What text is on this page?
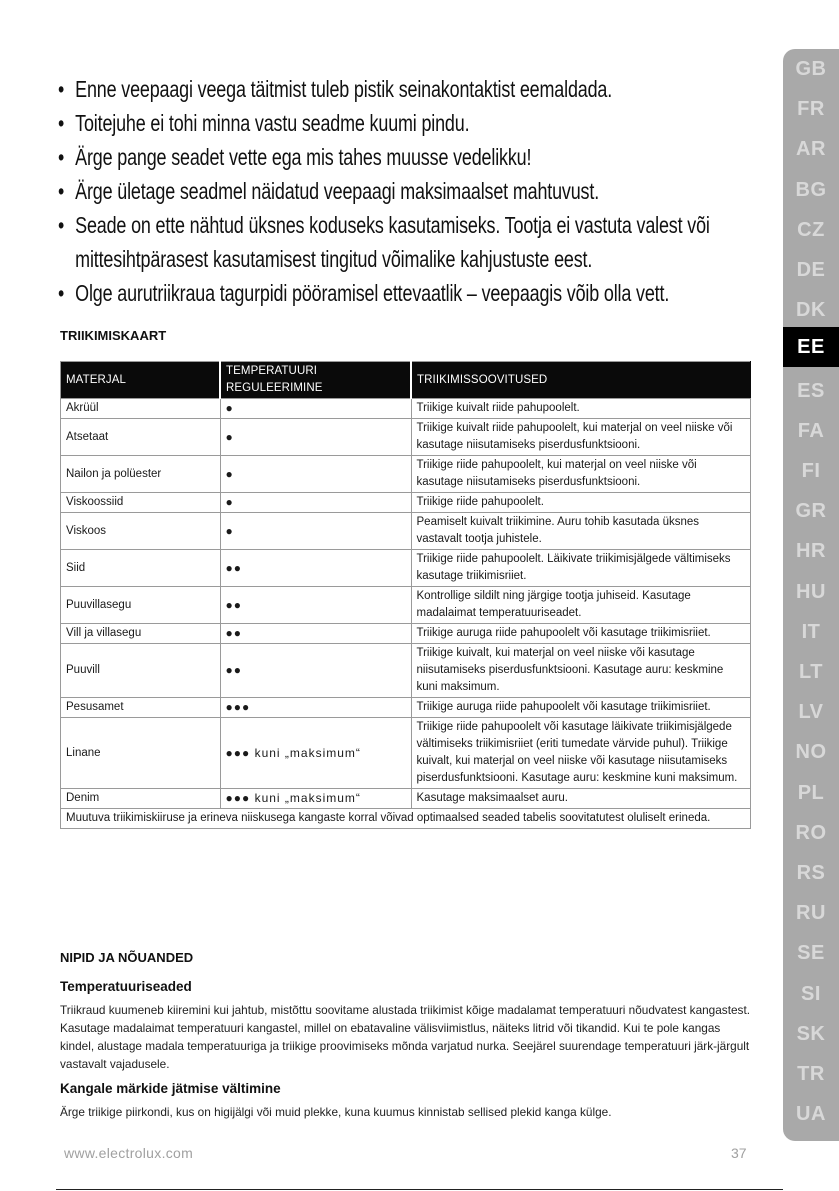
• Enne veepaagi veega täitmist tuleb pistik seinakontaktist eemaldada.
• Toitejuhe ei tohi minna vastu seadme kuumi pindu.
• Ärge pange seadet vette ega mis tahes muusse vedelikku!
• Ärge ületage seadmel näidatud veepaagi maksimaalset mahtuvust.
• Seade on ette nähtud üksnes koduseks kasutamiseks. Tootja ei vastuta valest või mittesihtpärasest kasutamisest tingitud võimalike kahjustuste eest.
• Olge aurutriikraua tagurpidi pööramisel ettevaatlik – veepaagis võib olla vett.
TRIIKIMISKAART
MATERJAL	TEMPERATUURI REGULEERIMINE	TRIIKIMISSOOVITUSED
Akrüül	●	Triikige kuivalt riide pahupoolelt.
Atsetaat	●	Triikige kuivalt riide pahupoolelt, kui materjal on veel niiske või kasutage niisutamiseks piserdusfunktsiooni.
Nailon ja polüester	●	Triikige riide pahupoolelt, kui materjal on veel niiske või kasutage niisutamiseks piserdusfunktsiooni.
Viskoossiid	●	Triikige riide pahupoolelt.
Viskoos	●	Peamiselt kuivalt triikimine. Auru tohib kasutada üksnes vastavalt tootja juhistele.
Siid	●●	Triikige riide pahupoolelt. Läikivate triikimisjälgede vältimiseks kasutage triikimisriiet.
Puuvillasegu	●●	Kontrollige sildilt ning järgige tootja juhiseid. Kasutage madalaimat temperatuuriseadet.
Vill ja villasegu	●●	Triikige auruga riide pahupoolelt või kasutage triikimisriiet.
Puuvill	●●	Triikige kuivalt, kui materjal on veel niiske või kasutage niisutamiseks piserdusfunktsiooni. Kasutage auru: keskmine kuni maksimum.
Pesusamet	●●●	Triikige auruga riide pahupoolelt või kasutage triikimisriiet.
Linane	●●● kuni „maksimum“	Triikige riide pahupoolelt või kasutage läikivate triikimisjälgede vältimiseks triikimisriiet (eriti tumedate värvide puhul). Triikige kuivalt, kui materjal on veel niiske või kasutage niisutamiseks piserdusfunktsiooni. Kasutage auru: keskmine kuni maksimum.
Denim	●●● kuni „maksimum“	Kasutage maksimaalset auru.
Muutuva triikimiskiiruse ja erineva niiskusega kangaste korral võivad optimaalsed seaded tabelis soovitatutest oluliselt erineda.		
NIPID JA NÕUANDED
Temperatuuriseaded

Triikraud kuumeneb kiiremini kui jahtub, mistõttu soovitame alustada triikimist kõige madalamat temperatuuri nõudvatest kangastest. Kasutage madalaimat temperatuuri kangastel, millel on ebatavaline välisviimistlus, näiteks litrid või tikandid. Kui te pole kangas kindel, alustage madala temperatuuriga ja triikige proovimiseks mõnda varjatud nurka. Seejärel suurendage temperatuuri järk-järgult vastavalt vajadusele.

Kangale märkide jätmise vältimine

Ärge triikige piirkondi, kus on higijälgi või muid plekke, kuna kuumus kinnistab sellised plekid kanga külge.

www.electrolux.com	37
GB
FR
AR
BG
CZ
DE
DK
EE
ES
FA
FI
GR
HR
HU
IT
LT
LV
NO
PL
RO
RS
RU
SE
SI
SK
TR
UA
